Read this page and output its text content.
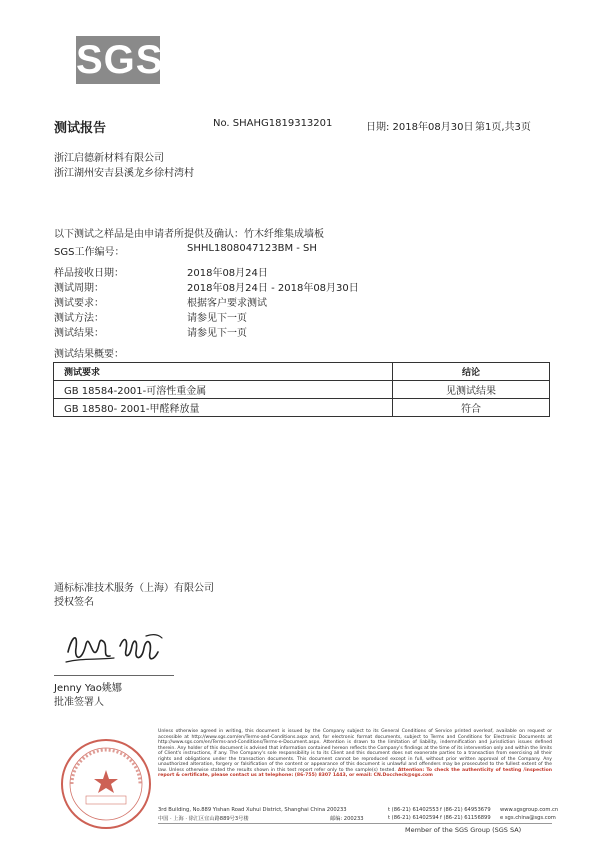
SGS
测试报告	No. SHAHG1819313201	日期: 2018年08月30日 第1页,共3页
浙江启德新材料有限公司
浙江湖州安吉县溪龙乡徐村湾村
以下测试之样品是由申请者所提供及确认：竹木纤维集成墙板
SGS工作编号：	SHHL1808047123BM - SH
样品接收日期：	2018年08月24日
测试周期：	2018年08月24日 - 2018年08月30日
测试要求：	根据客户要求测试
测试方法：	请参见下一页
测试结果：	请参见下一页
测试结果概要：
测试要求	结论
GB 18584-2001-可溶性重金属	见测试结果
GB 18580- 2001-甲醛释放量	符合
通标标准技术服务（上海）有限公司
授权签名
Jenny Yao姚娜
批准签署人
Unless otherwise agreed in writing, this document is issued by the Company subject to its General Conditions of Service printed overleaf, available on request or accessible at http://www.sgs.com/en/Terms-and-Conditions.aspx and, for electronic format documents, subject to Terms and Conditions for Electronic Documents at http://www.sgs.com/en/Terms-and-Conditions/Terms-e-Document.aspx. Attention is drawn to the limitation of liability, indemnification and jurisdiction issues defined therein. Any holder of this document is advised that information contained hereon reflects the Company's findings at the time of its intervention only and within the limits of Client's instructions, if any. The Company's sole responsibility is to its Client and this document does not exonerate parties to a transaction from exercising all their rights and obligations under the transaction documents. This document cannot be reproduced except in full, without prior written approval of the Company. Any unauthorized alteration, forgery or falsification of the content or appearance of this document is unlawful and offenders may be prosecuted to the fullest extent of the law. Unless otherwise stated the results shown in this test report refer only to the sample(s) tested. Attention: To check the authenticity of testing /inspection report & certificate, please contact us at telephone: (86-755) 8307 1443, or email: CN.Doccheck@sgs.com
3rd Building, No.889 Yishan Road Xuhui District, Shanghai China 200233	t (86-21) 61402553 f (86-21) 64953679 www.sgsgroup.com.cn
中国 · 上海 · 徐汇区宜山路889号3号楼	邮编: 200233	t (86-21) 61402594 f (86-21) 61156899 e sgs.china@sgs.com
Member of the SGS Group (SGS SA)
